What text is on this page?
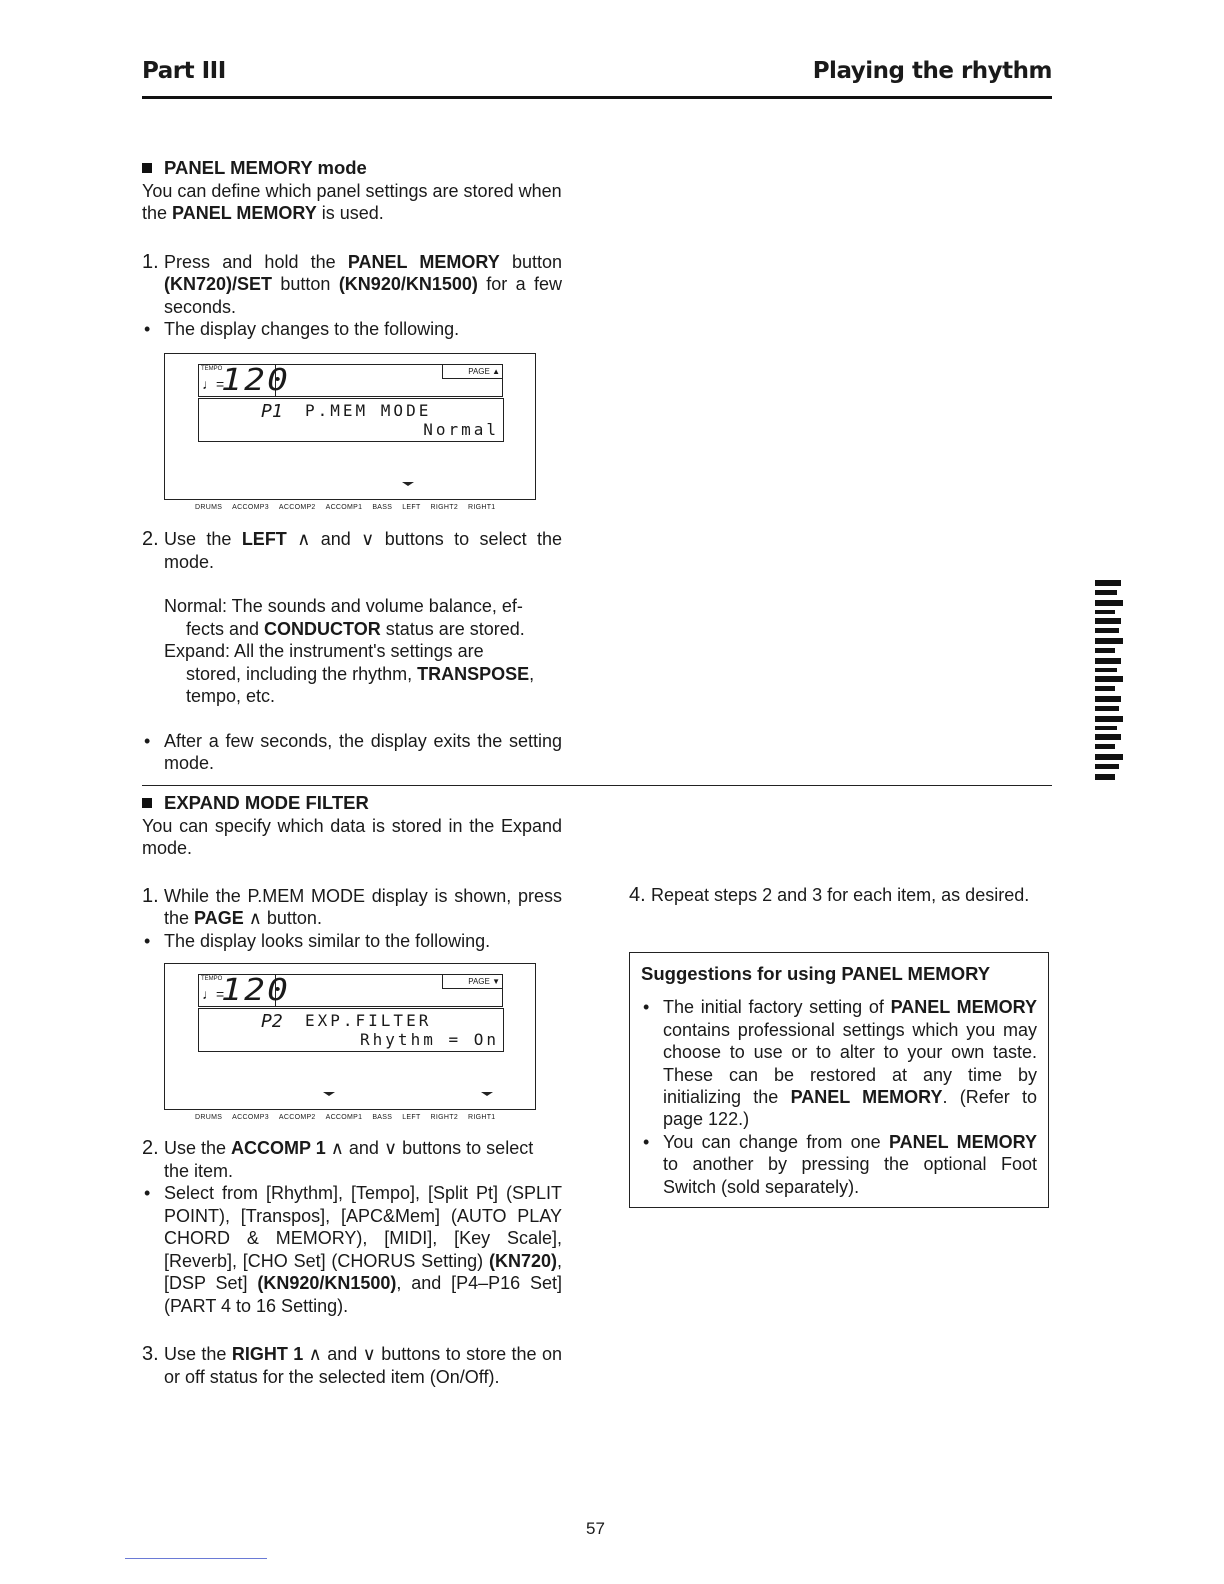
Part III	Playing the rhythm

PANEL MEMORY mode

You can define which panel settings are stored when the PANEL MEMORY is used.

1. Press and hold the PANEL MEMORY button (KN720)/SET button (KN920/KN1500) for a few seconds.

• The display changes to the following.

TEMPO
♩=
120	PAGE ▲
P1 P.MEM MODE
Normal
DRUMS ACCOMP3 ACCOMP2 ACCOMP1 BASS LEFT RIGHT2 RIGHT1

2. Use the LEFT ∧ and ∨ buttons to select the mode.

Normal: The sounds and volume balance, ef-
fects and CONDUCTOR status are stored.
Expand: All the instrument's settings are
stored, including the rhythm, TRANSPOSE,
tempo, etc.

• After a few seconds, the display exits the setting mode.

EXPAND MODE FILTER

You can specify which data is stored in the Expand mode.

1. While the P.MEM MODE display is shown, press the PAGE ∧ button.

• The display looks similar to the following.

TEMPO
♩=
120	PAGE ▼
P2 EXP.FILTER
Rhythm = On
DRUMS ACCOMP3 ACCOMP2 ACCOMP1 BASS LEFT RIGHT2 RIGHT1

2. Use the ACCOMP 1 ∧ and ∨ buttons to select the item.

• Select from [Rhythm], [Tempo], [Split Pt] (SPLIT POINT), [Transpos], [APC&Mem] (AUTO PLAY CHORD & MEMORY), [MIDI], [Key Scale], [Reverb], [CHO Set] (CHORUS Setting) (KN720), [DSP Set] (KN920/KN1500), and [P4–P16 Set] (PART 4 to 16 Setting).

3. Use the RIGHT 1 ∧ and ∨ buttons to store the on or off status for the selected item (On/Off).

4. Repeat steps 2 and 3 for each item, as desired.

Suggestions for using PANEL MEMORY
• The initial factory setting of PANEL MEMORY contains professional settings which you may choose to use or to alter to your own taste. These can be restored at any time by initializing the PANEL MEMORY. (Refer to page 122.)
• You can change from one PANEL MEMORY to another by pressing the optional Foot Switch (sold separately).
57
